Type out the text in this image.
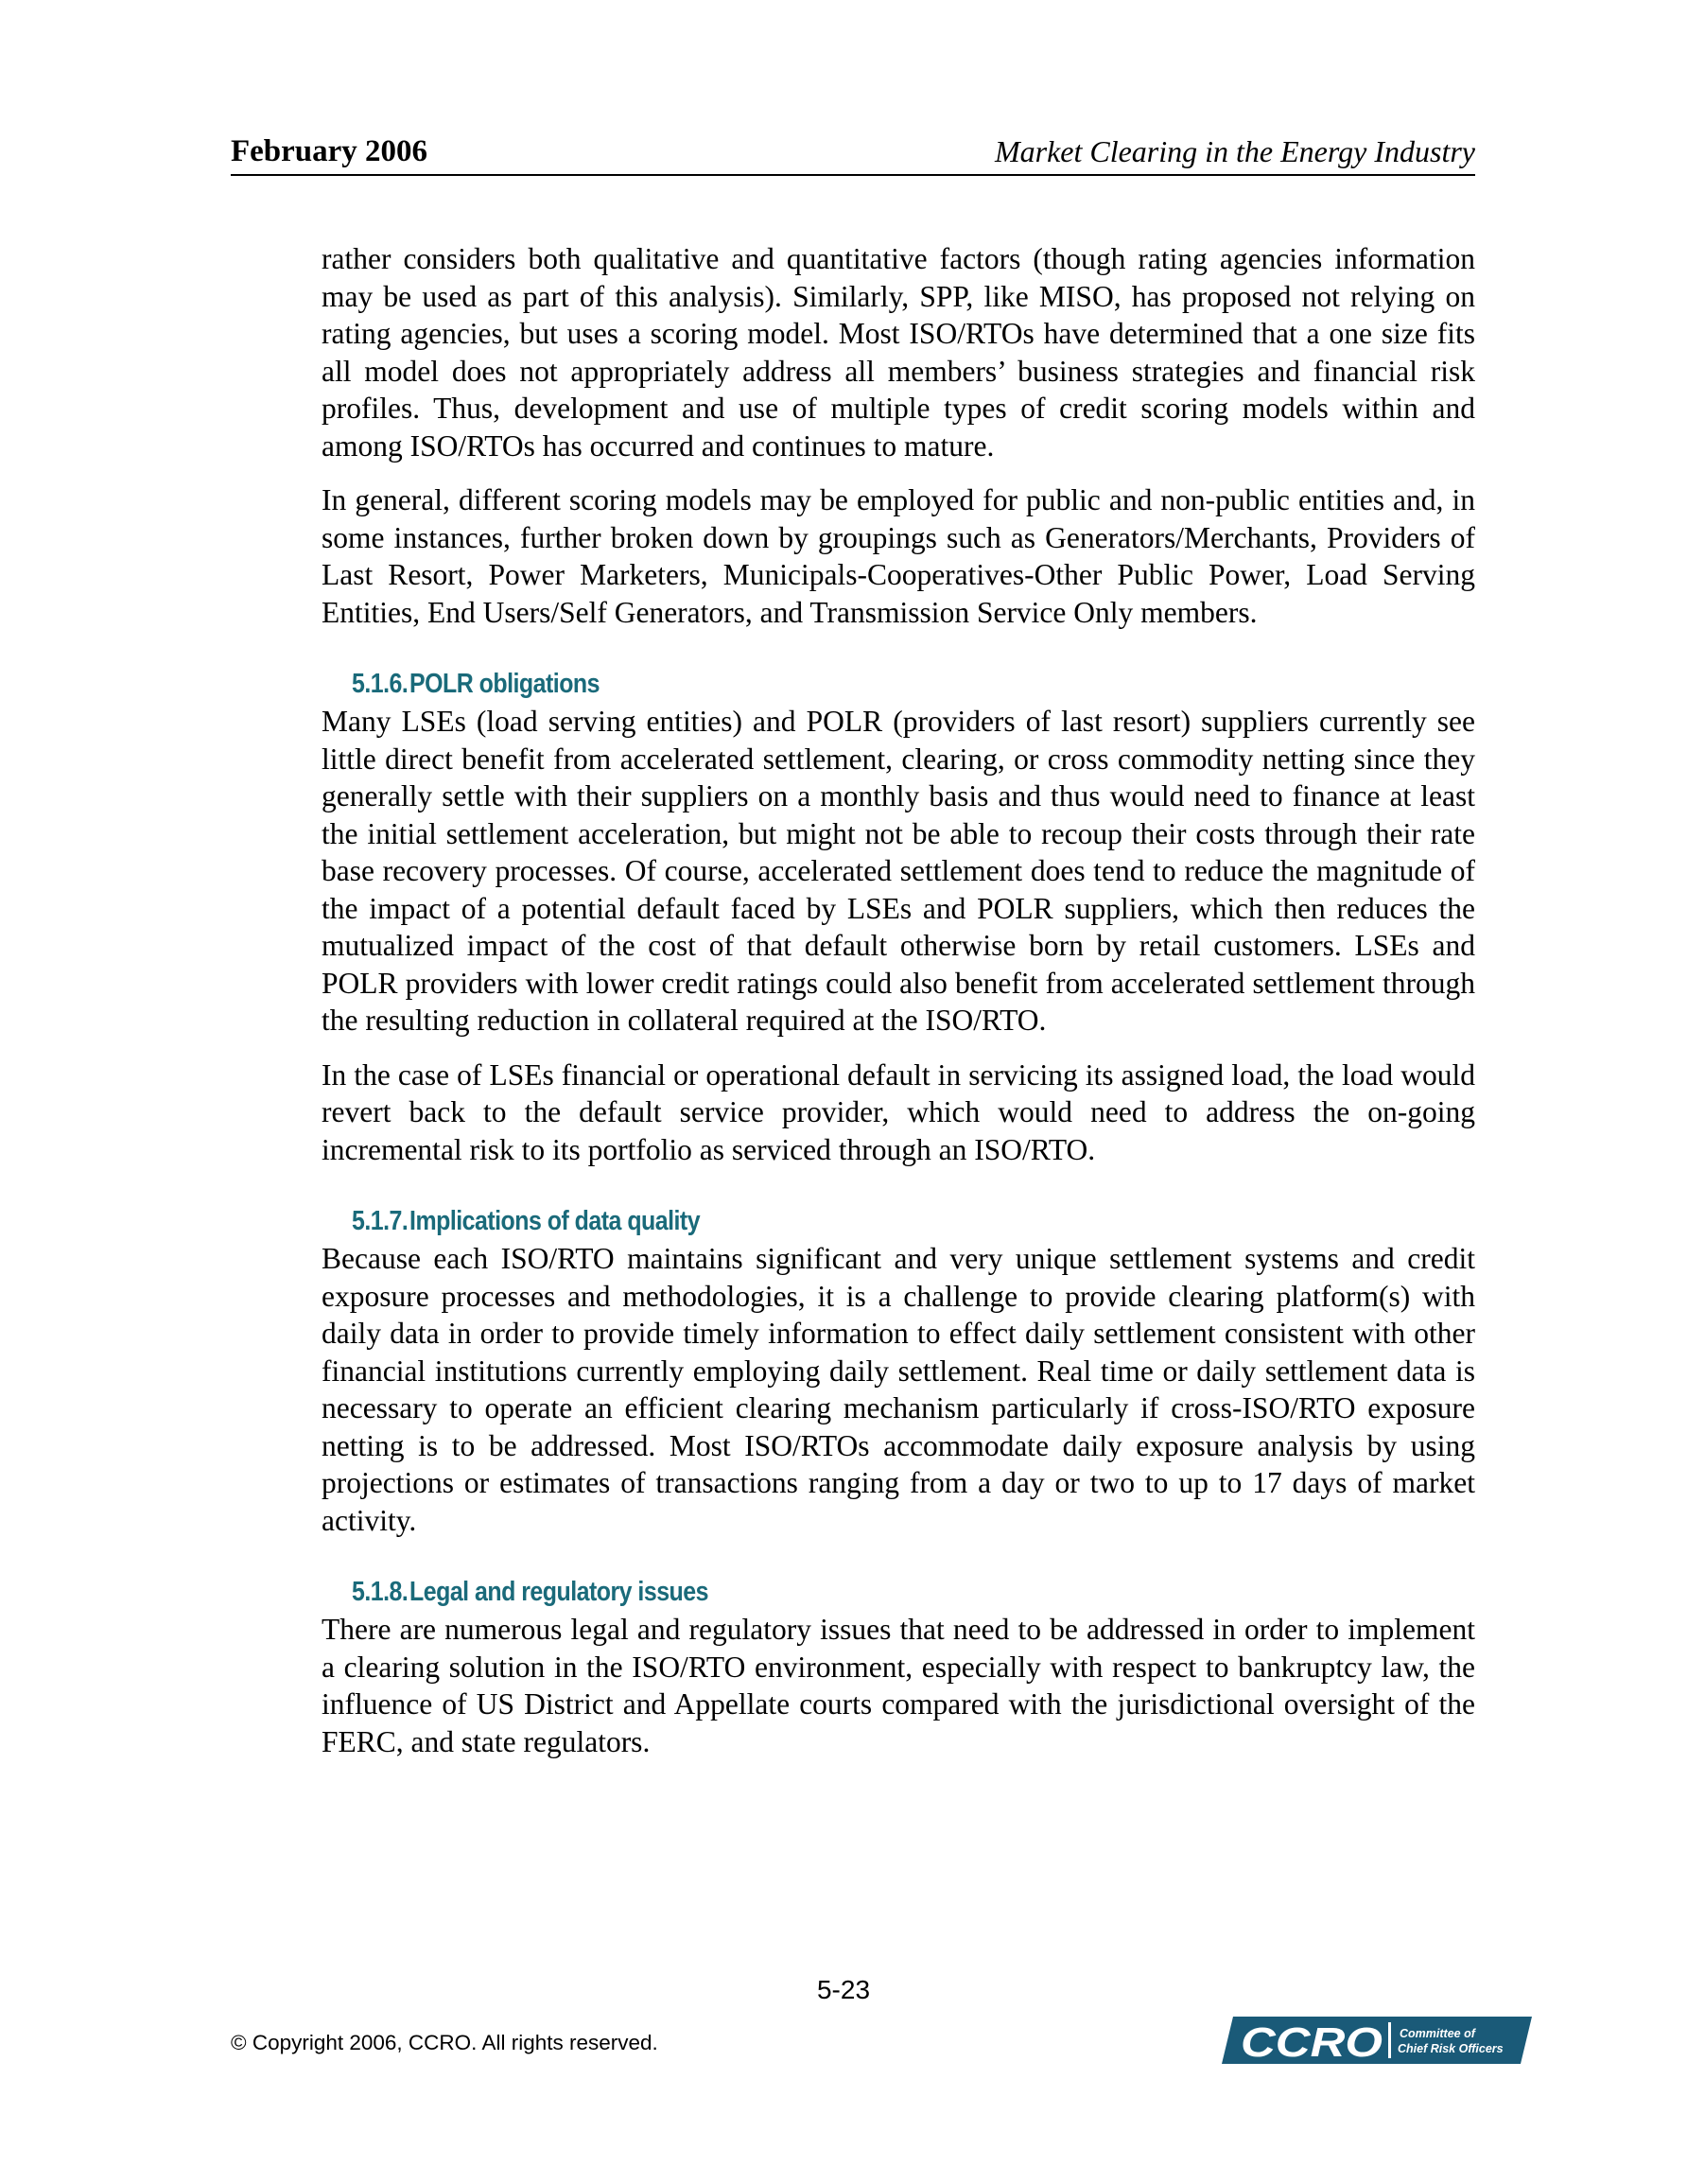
February 2006	Market Clearing in the Energy Industry

rather considers both qualitative and quantitative factors (though rating agencies information may be used as part of this analysis). Similarly, SPP, like MISO, has proposed not relying on rating agencies, but uses a scoring model. Most ISO/RTOs have determined that a one size fits all model does not appropriately address all members’ business strategies and financial risk profiles. Thus, development and use of multiple types of credit scoring models within and among ISO/RTOs has occurred and continues to mature.

In general, different scoring models may be employed for public and non-public entities and, in some instances, further broken down by groupings such as Generators/Merchants, Providers of Last Resort, Power Marketers, Municipals-Cooperatives-Other Public Power, Load Serving Entities, End Users/Self Generators, and Transmission Service Only members.

5.1.6.POLR obligations

Many LSEs (load serving entities) and POLR (providers of last resort) suppliers currently see little direct benefit from accelerated settlement, clearing, or cross commodity netting since they generally settle with their suppliers on a monthly basis and thus would need to finance at least the initial settlement acceleration, but might not be able to recoup their costs through their rate base recovery processes. Of course, accelerated settlement does tend to reduce the magnitude of the impact of a potential default faced by LSEs and POLR suppliers, which then reduces the mutualized impact of the cost of that default otherwise born by retail customers. LSEs and POLR providers with lower credit ratings could also benefit from accelerated settlement through the resulting reduction in collateral required at the ISO/RTO.

In the case of LSEs financial or operational default in servicing its assigned load, the load would revert back to the default service provider, which would need to address the on-going incremental risk to its portfolio as serviced through an ISO/RTO.

5.1.7.Implications of data quality

Because each ISO/RTO maintains significant and very unique settlement systems and credit exposure processes and methodologies, it is a challenge to provide clearing platform(s) with daily data in order to provide timely information to effect daily settlement consistent with other financial institutions currently employing daily settlement. Real time or daily settlement data is necessary to operate an efficient clearing mechanism particularly if cross-ISO/RTO exposure netting is to be addressed. Most ISO/RTOs accommodate daily exposure analysis by using projections or estimates of transactions ranging from a day or two to up to 17 days of market activity.

5.1.8.Legal and regulatory issues

There are numerous legal and regulatory issues that need to be addressed in order to implement a clearing solution in the ISO/RTO environment, especially with respect to bankruptcy law, the influence of US District and Appellate courts compared with the jurisdictional oversight of the FERC, and state regulators.

5-23
© Copyright 2006, CCRO. All rights reserved.	CCRO Committee of
Chief Risk Officers
